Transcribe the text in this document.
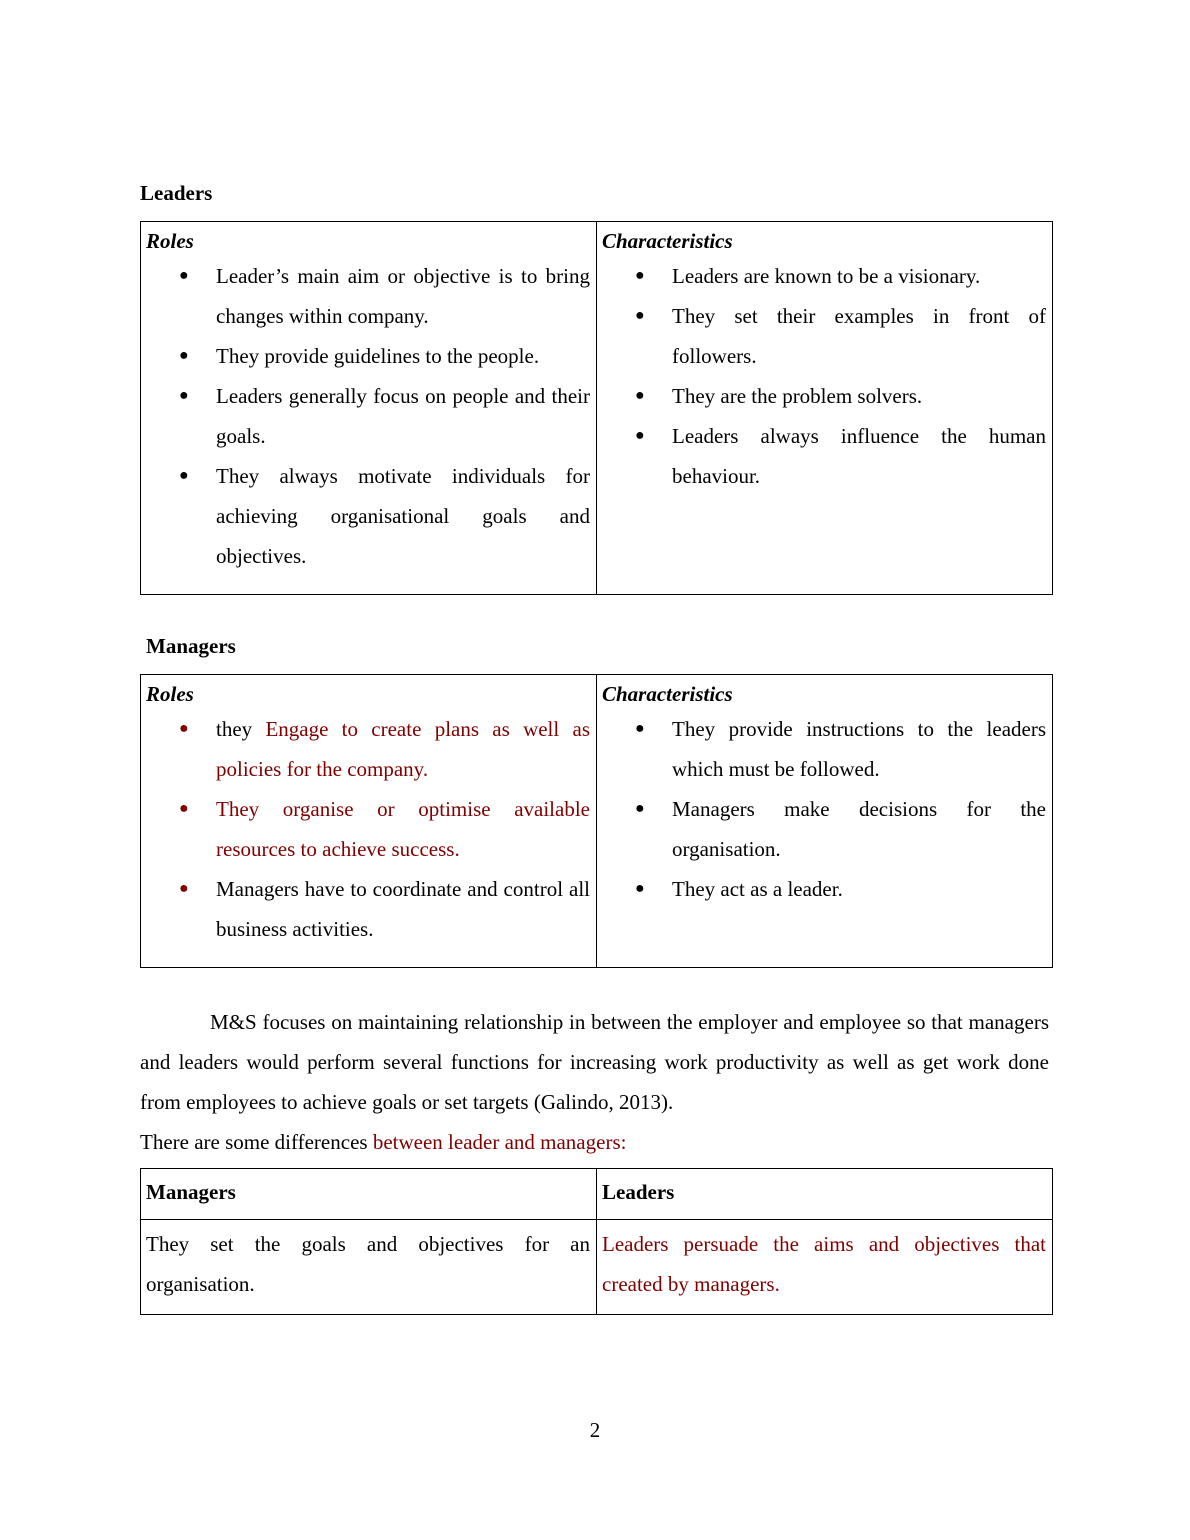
Leaders
Roles
● Leader’s main aim or objective is to bring changes within company.
● They provide guidelines to the people.
● Leaders generally focus on people and their goals.
● They always motivate individuals for achieving organisational goals and objectives.

Characteristics
● Leaders are known to be a visionary.
● They set their examples in front of followers.
● They are the problem solvers.
● Leaders always influence the human behaviour.
Managers
Roles
● they Engage to create plans as well as policies for the company.
● They organise or optimise available resources to achieve success.
● Managers have to coordinate and control all business activities.

Characteristics
● They provide instructions to the leaders which must be followed.
● Managers make decisions for the organisation.
● They act as a leader.
M&S focuses on maintaining relationship in between the employer and employee so that managers and leaders would perform several functions for increasing work productivity as well as get work done from employees to achieve goals or set targets (Galindo, 2013).
There are some differences between leader and managers:
Managers	Leaders
They set the goals and objectives for an organisation.	Leaders persuade the aims and objectives that created by managers.
2
